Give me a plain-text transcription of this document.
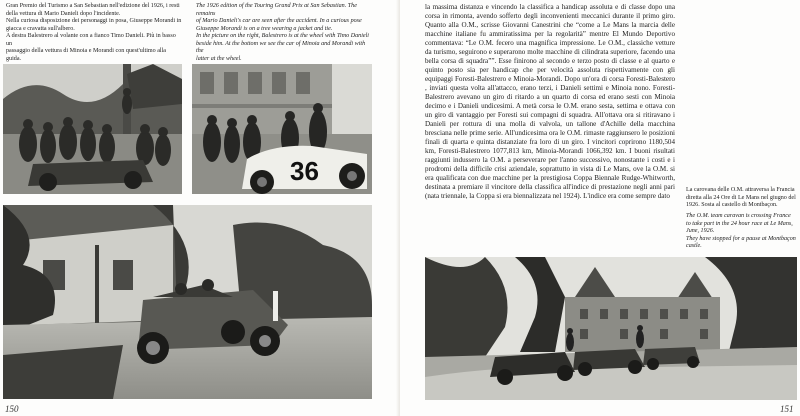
Gran Premio del Turismo a San Sebastian nell'edizione del 1926, i resti
della vettura di Mario Danieli dopo l'incidente.
Nella curiosa disposizione dei personaggi in posa, Giuseppe Morandi in
giacca e cravatta sull'albero.
A destra Balestrero al volante con a fianco Timo Danieli. Più in basso un
passaggio della vettura di Minoia e Morandi con quest'ultimo alla guida.
The 1926 edition of the Touring Grand Prix at San Sebastian. The remains
of Mario Danieli's car are seen after the accident. In a curious pose
Giuseppe Morandi is on a tree wearing a jacket and tie.
In the picture on the right, Balestrero is at the wheel with Timo Danieli
beside him. At the bottom we see the car of Minoia and Morandi with the
latter at the wheel.
36
150

la massima distanza e vincendo la classifica a handicap assoluta e di classe dopo una corsa in rimonta, avendo sofferto degli inconvenienti meccanici durante il primo giro. Quanto alla O.M., scrisse Giovanni Canestrini che “come a Le Mans la marcia delle macchine italiane fu ammiratissima per la regolarità” mentre El Mundo Deportivo commentava: “Le O.M. fecero una magnifica impressione. Le O.M., classiche vetture da turismo, seguirono e superarono molte macchine di cilindrata superiore, facendo una bella corsa di squadra””. Esse finirono al secondo e terzo posto di classe e al quarto e quinto posto sia per handicap che per velocità assoluta rispettivamente con gli equipaggi Foresti-Balestrero e Minoia-Morandi. Dopo un'ora di corsa Foresti-Balestero , inviati questa volta all'attacco, erano terzi, i Danieli settimi e Minoia nono. Foresti-Balestrero avevano un giro di ritardo a un quarto di corsa ed erano sesti con Minoia decimo e i Danieli undicesimi. A metà corsa le O.M. erano sesta, settima e ottava con un giro di vantaggio per Foresti sui compagni di squadra. All'ottava ora si ritiravano i Danieli per rottura di una molla di valvola, un tallone d'Achille della macchina bresciana nelle prime serie. All'undicesima ora le O.M. rimaste raggiunsero le posizioni finali di quarta e quinta distanziate fra loro di un giro. I vincitori coprirono 1180,504 km, Foresti-Balestrero 1077,813 km, Minoia-Morandi 1066,392 km. I buoni risultati raggiunti indussero la O.M. a perseverare per l'anno successivo, nonostante i costi e i prodromi della difficile crisi aziendale, soprattutto in vista di Le Mans, ove la O.M. si era qualificata con due macchine per la prestigiosa Coppa Biennale Rudge-Whitworth, destinata a premiare il vincitore della classifica all'indice di prestazione negli anni pari (nata triennale, la Coppa si era biennalizzata nel 1924). L'indice era come sempre dato

La carovana delle O.M. attraversa la Francia
diretta alla 24 Ore di Le Mans nel giugno del
1926. Sosta al castello di Montbaçon.
The O.M. team caravan is crossing France
to take part in the 24 hour race at Le Mans,
June, 1926.
They have stopped for a pause at Montbaçon
castle.
151
